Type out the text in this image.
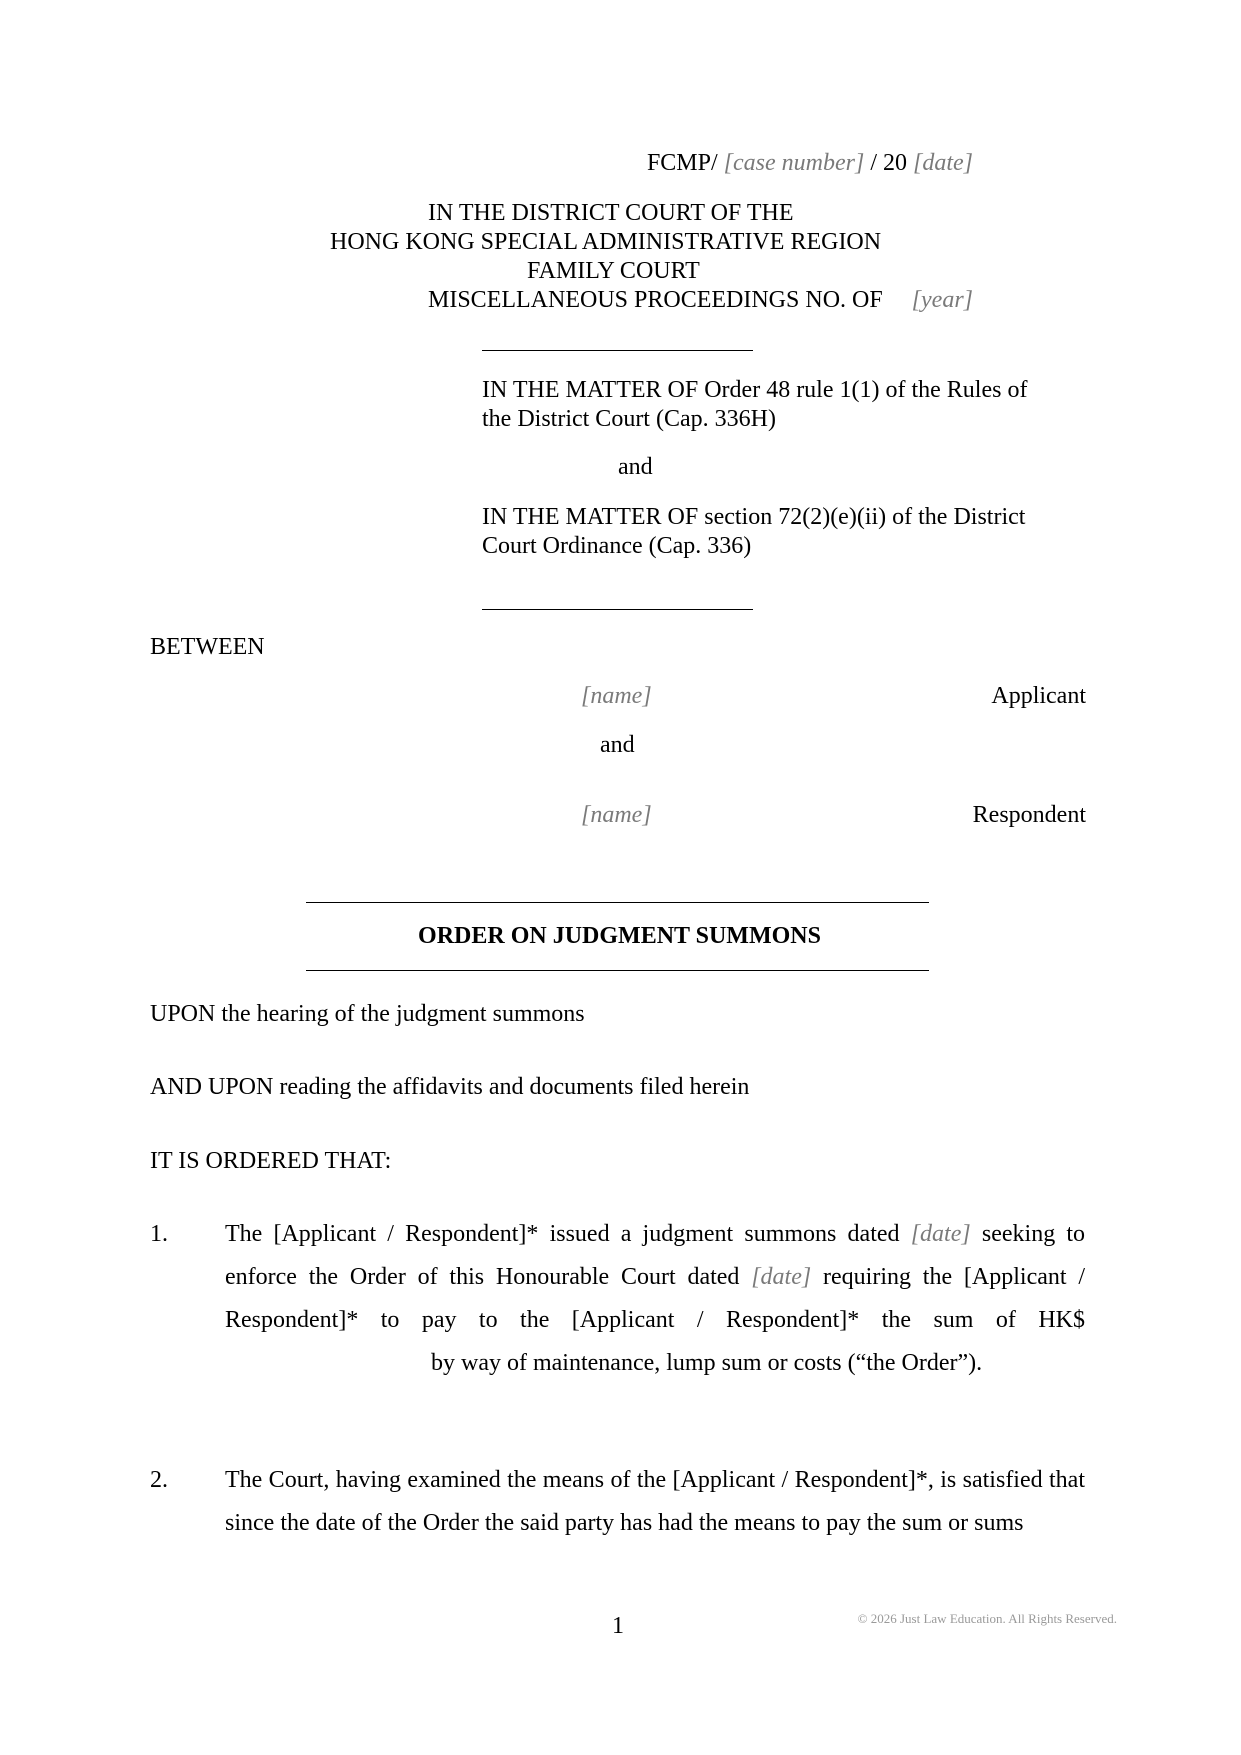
FCMP/ [case number] / 20 [date]
IN THE DISTRICT COURT OF THE
HONG KONG SPECIAL ADMINISTRATIVE REGION
FAMILY COURT
MISCELLANEOUS PROCEEDINGS NO. OF [year]
IN THE MATTER OF Order 48 rule 1(1) of the Rules of
the District Court (Cap. 336H)
and
IN THE MATTER OF section 72(2)(e)(ii) of the District
Court Ordinance (Cap. 336)
BETWEEN
[name]	Applicant
and
[name]	Respondent
ORDER ON JUDGMENT SUMMONS
UPON the hearing of the judgment summons
AND UPON reading the affidavits and documents filed herein
IT IS ORDERED THAT:
1. The [Applicant / Respondent]* issued a judgment summons dated [date] seeking to enforce the Order of this Honourable Court dated [date] requiring the [Applicant / Respondent]* to pay to the [Applicant / Respondent]* the sum of HK$  by way of maintenance, lump sum or costs (“the Order”).
2. The Court, having examined the means of the [Applicant / Respondent]*, is satisfied that since the date of the Order the said party has had the means to pay the sum or sums
1	© 2026 Just Law Education. All Rights Reserved.
